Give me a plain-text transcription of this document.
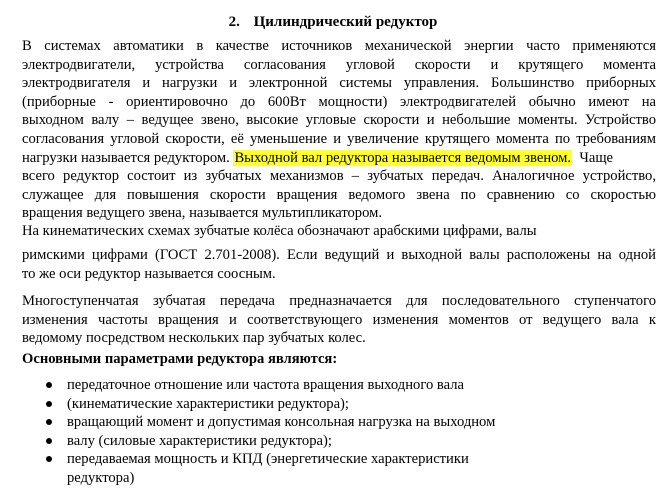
2. Цилиндрический редуктор
В системах автоматики в качестве источников механической энергии часто применяются
электродвигатели, устройства согласования угловой скорости и крутящего момента
электродвигателя и нагрузки и электронной системы управления. Большинство приборных
(приборные - ориентировочно до 600Вт мощности) электродвигателей обычно имеют на
выходном валу – ведущее звено, высокие угловые скорости и небольшие моменты. Устройство
согласования угловой скорости, её уменьшение и увеличение крутящего момента по требованиям
нагрузки называется редуктором. Выходной вал редуктора называется ведомым звеном.  Чаще
всего редуктор состоит из зубчатых механизмов – зубчатых передач. Аналогичное устройство,
служащее для повышения скорости вращения ведомого звена по сравнению со скоростью
вращения ведущего звена, называется мультипликатором.
На кинематических схемах зубчатые колёса обозначают арабскими цифрами, валы
римскими цифрами (ГОСТ 2.701-2008). Если ведущий и выходной валы расположены на одной
то же оси редуктор называется соосным.
Многоступенчатая зубчатая передача предназначается для последовательного ступенчатого
изменения частоты вращения и соответствующего изменения моментов от ведущего вала к
ведомому посредством нескольких пар зубчатых колес.
Основными параметрами редуктора являются:
передаточное отношение или частота вращения выходного вала
(кинематические характеристики редуктора);
вращающий момент и допустимая консольная нагрузка на выходном
валу (силовые характеристики редуктора);
передаваемая мощность и КПД (энергетические характеристики
редуктора)
